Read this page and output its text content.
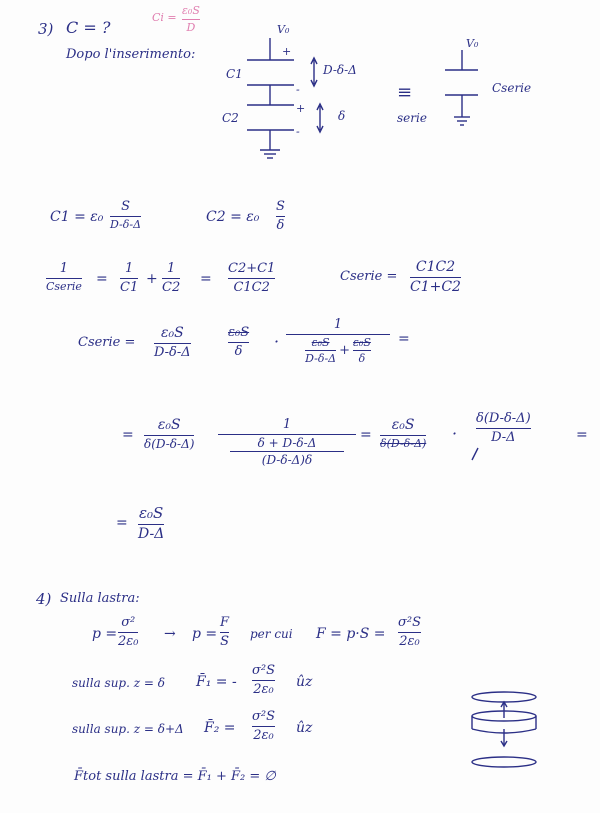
3) C = ?
Ci =
ε₀S
D
Dopo l'inserimento:
V₀
+
C1	D-δ-Δ
-
+
C2	δ
-
≡
serie
V₀
Cserie
C1 = ε₀
S
D-δ-Δ	C2 = ε₀
S
δ
1
Cserie =
1
C1
+
1
C2
=
C2+C1
C1C2
Cserie =
C1C2
C1+C2
Cserie =
ε₀S
D-δ-Δ
ε₀S
δ
·
1
$\frac{\text{ε₀S}}{D-\delta-\Delta} + \frac{\text{ε₀S}}{\delta}$ =
=
ε₀S
δ(D-δ-Δ)
1
δ + D-δ-Δ
(D-δ-Δ)δ
=
ε₀S
δ(D-δ-Δ)
·
δ(D-δ-Δ)
D-Δ	=
=
ε₀S
D-Δ
4) Sulla lastra:
p =
σ²
2ε₀ → p =
F
S per cui F = p·S =
σ²S
2ε₀
sulla sup. z = δ F̄₁ = -
σ²S
2ε₀ ûz
sulla sup. z = δ+Δ F̄₂ =
σ²S
2ε₀ ûz
F̄tot sulla lastra = F̄₁ + F̄₂ = ∅
